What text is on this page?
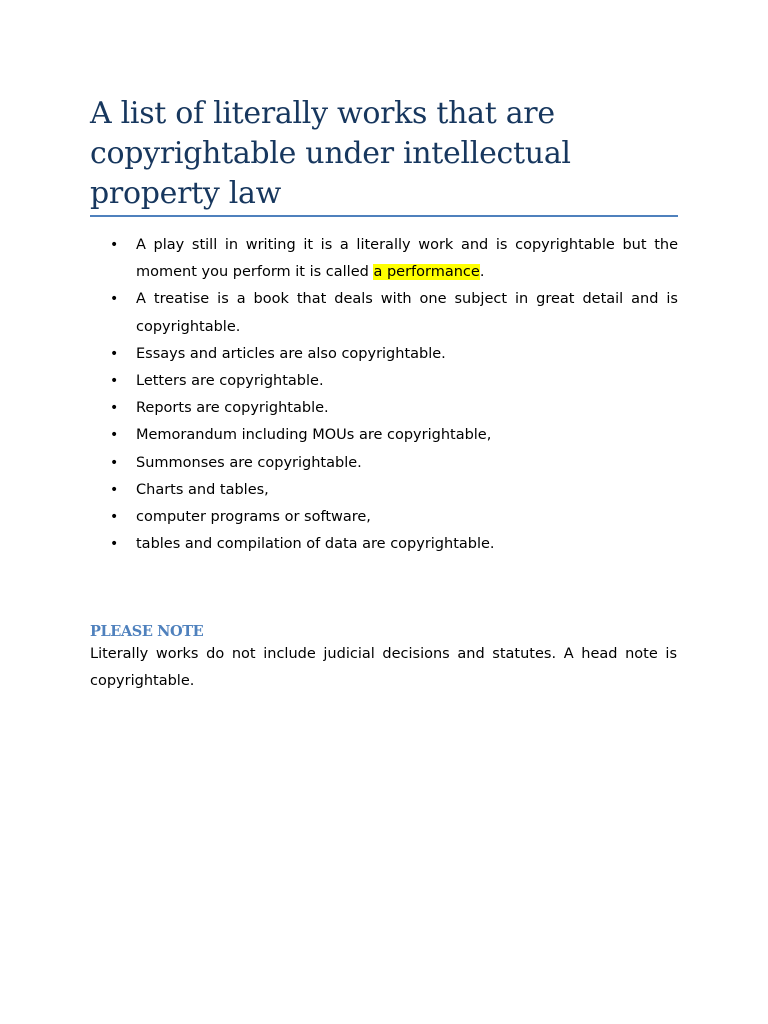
A list of literally works that are copyrightable under intellectual property law
• A play still in writing it is a literally work and is copyrightable but the moment you perform it is called a performance.
• A treatise is a book that deals with one subject in great detail and is copyrightable.
• Essays and articles are also copyrightable.
• Letters are copyrightable.
• Reports are copyrightable.
• Memorandum including MOUs are copyrightable,
• Summonses are copyrightable.
• Charts and tables,
• computer programs or software,
• tables and compilation of data are copyrightable.
PLEASE NOTE

Literally works do not include judicial decisions and statutes. A head note is copyrightable.
